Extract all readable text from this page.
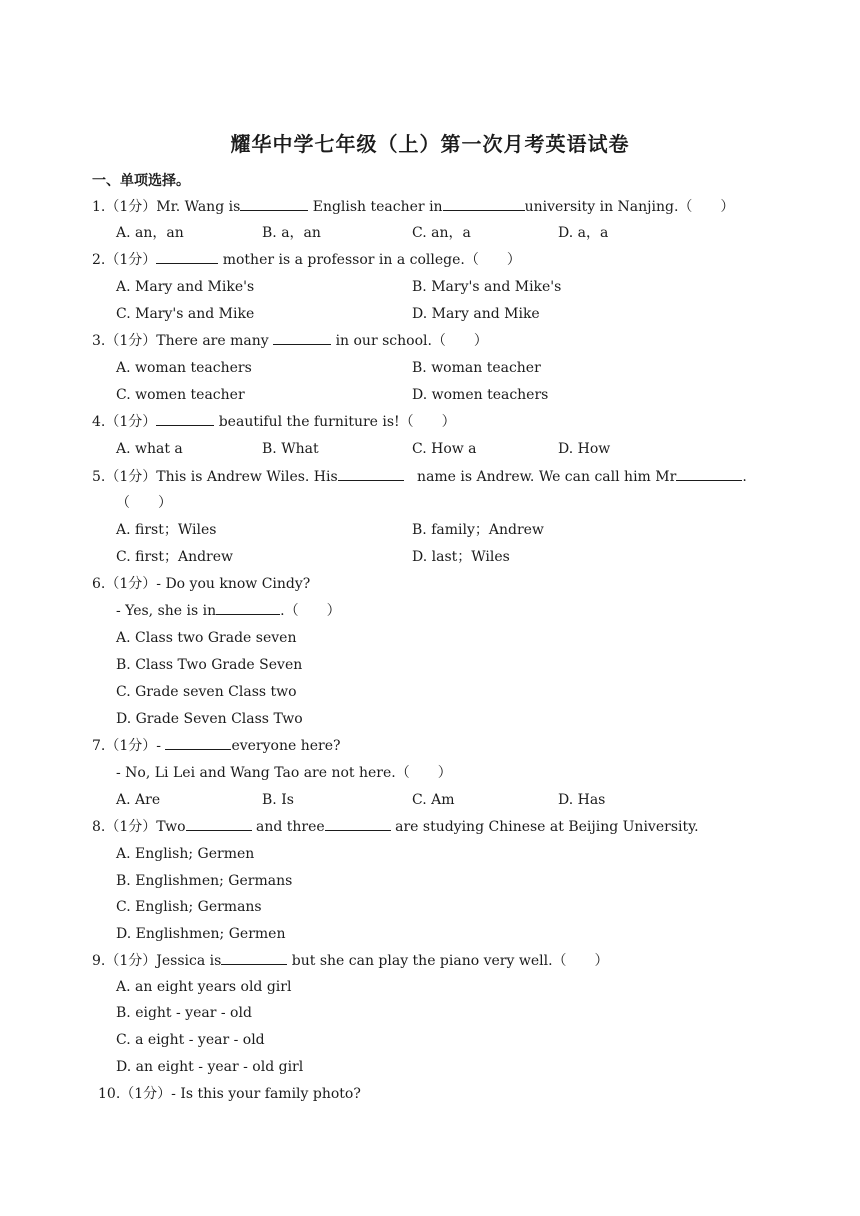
耀华中学七年级（上）第一次月考英语试卷
一、单项选择。
1.（1分）Mr. Wang is	English teacher in	university in Nanjing.（　　）
A. an，an	B. a，an	C. an，a	D. a，a
2.（1分）	mother is a professor in a college.（　　）
A. Mary and Mike's	B. Mary's and Mike's
C. Mary's and Mike	D. Mary and Mike
3.（1分）There are many	in our school.（　　）
A. woman teachers	B. woman teacher
C. women teacher	D. women teachers
4.（1分）	beautiful the furniture is!（　　）
A. what a	B. What	C. How a	D. How
5.（1分）This is Andrew Wiles. His	name is Andrew. We can call him Mr	.
（　　）
A. first；Wiles	B. family；Andrew
C. first；Andrew	D. last；Wiles
6.（1分）- Do you know Cindy?
- Yes, she is in	.（　　）
A. Class two Grade seven
B. Class Two Grade Seven
C. Grade seven Class two
D. Grade Seven Class Two
7.（1分）-	everyone here?
- No, Li Lei and Wang Tao are not here.（　　）
A. Are	B. Is	C. Am	D. Has
8.（1分）Two	and three	are studying Chinese at Beijing University.
A. English; Germen
B. Englishmen; Germans
C. English; Germans
D. Englishmen; Germen
9.（1分）Jessica is	but she can play the piano very well.（　　）
A. an eight years old girl
B. eight - year - old
C. a eight - year - old
D. an eight - year - old girl
10.（1分）- Is this your family photo?
